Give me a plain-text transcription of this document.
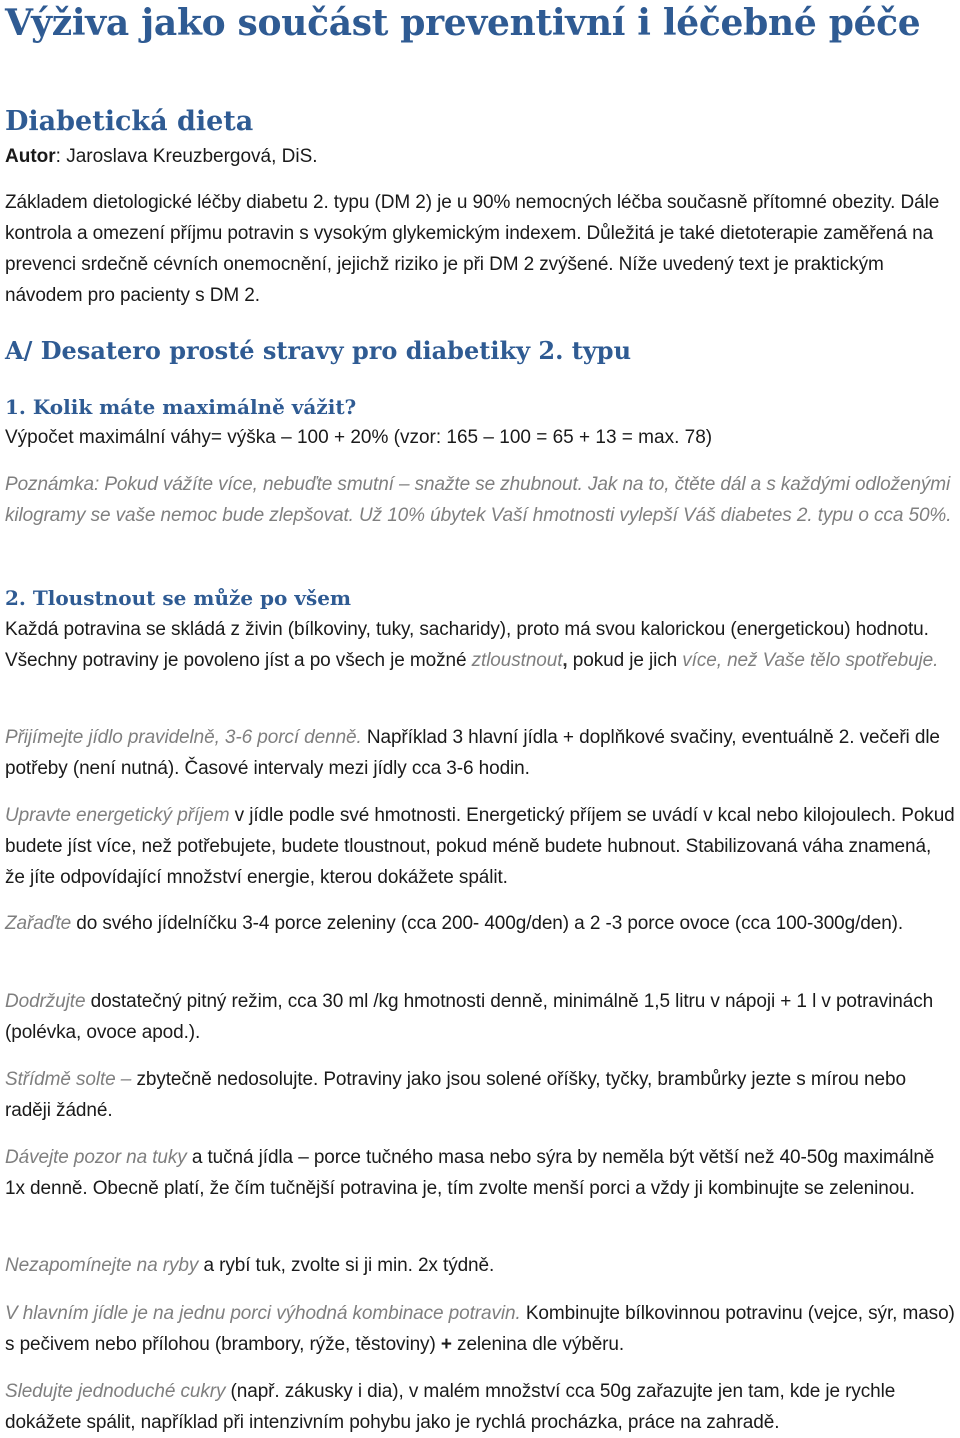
Výživa jako součást preventivní i léčebné péče
Diabetická dieta

Autor: Jaroslava Kreuzbergová, DiS.

Základem dietologické léčby diabetu 2. typu (DM 2) je u 90% nemocných léčba současně přítomné obezity. Dále kontrola a omezení příjmu potravin s vysokým glykemickým indexem. Důležitá je také dietoterapie zaměřená na prevenci srdečně cévních onemocnění, jejichž riziko je při DM 2 zvýšené. Níže uvedený text je praktickým návodem pro pacienty s DM 2.

A/ Desatero prosté stravy pro diabetiky 2. typu
1. Kolik máte maximálně vážit?

Výpočet maximální váhy= výška – 100 + 20% (vzor: 165 – 100 = 65 + 13 = max. 78)

Poznámka: Pokud vážíte více, nebuďte smutní – snažte se zhubnout. Jak na to, čtěte dál a s každými odloženými kilogramy se vaše nemoc bude zlepšovat. Už 10% úbytek Vaší hmotnosti vylepší Váš diabetes 2. typu o cca 50%.

2. Tloustnout se může po všem

Každá potravina se skládá z živin (bílkoviny, tuky, sacharidy), proto má svou kalorickou (energetickou) hodnotu. Všechny potraviny je povoleno jíst a po všech je možné ztloustnout, pokud je jich více, než Vaše tělo spotřebuje.

Přijímejte jídlo pravidelně, 3-6 porcí denně. Například 3 hlavní jídla + doplňkové svačiny, eventuálně 2. večeři dle potřeby (není nutná). Časové intervaly mezi jídly cca 3-6 hodin.

Upravte energetický příjem v jídle podle své hmotnosti. Energetický příjem se uvádí v kcal nebo kilojoulech. Pokud budete jíst více, než potřebujete, budete tloustnout, pokud méně budete hubnout. Stabilizovaná váha znamená, že jíte odpovídající množství energie, kterou dokážete spálit.

Zařaďte do svého jídelníčku 3-4 porce zeleniny (cca 200- 400g/den) a 2 -3 porce ovoce (cca 100-300g/den).

Dodržujte dostatečný pitný režim, cca 30 ml /kg hmotnosti denně, minimálně 1,5 litru v nápoji + 1 l v potravinách (polévka, ovoce apod.).

Střídmě solte – zbytečně nedosolujte. Potraviny jako jsou solené oříšky, tyčky, brambůrky jezte s mírou nebo raději žádné.

Dávejte pozor na tuky a tučná jídla – porce tučného masa nebo sýra by neměla být větší než 40-50g maximálně 1x denně. Obecně platí, že čím tučnější potravina je, tím zvolte menší porci a vždy ji kombinujte se zeleninou.

Nezapomínejte na ryby a rybí tuk, zvolte si ji min. 2x týdně.

V hlavním jídle je na jednu porci výhodná kombinace potravin. Kombinujte bílkovinnou potravinu (vejce, sýr, maso) s pečivem nebo přílohou (brambory, rýže, těstoviny) + zelenina dle výběru.

Sledujte jednoduché cukry (např. zákusky i dia), v malém množství cca 50g zařazujte jen tam, kde je rychle dokážete spálit, například při intenzivním pohybu jako je rychlá procházka, práce na zahradě.
